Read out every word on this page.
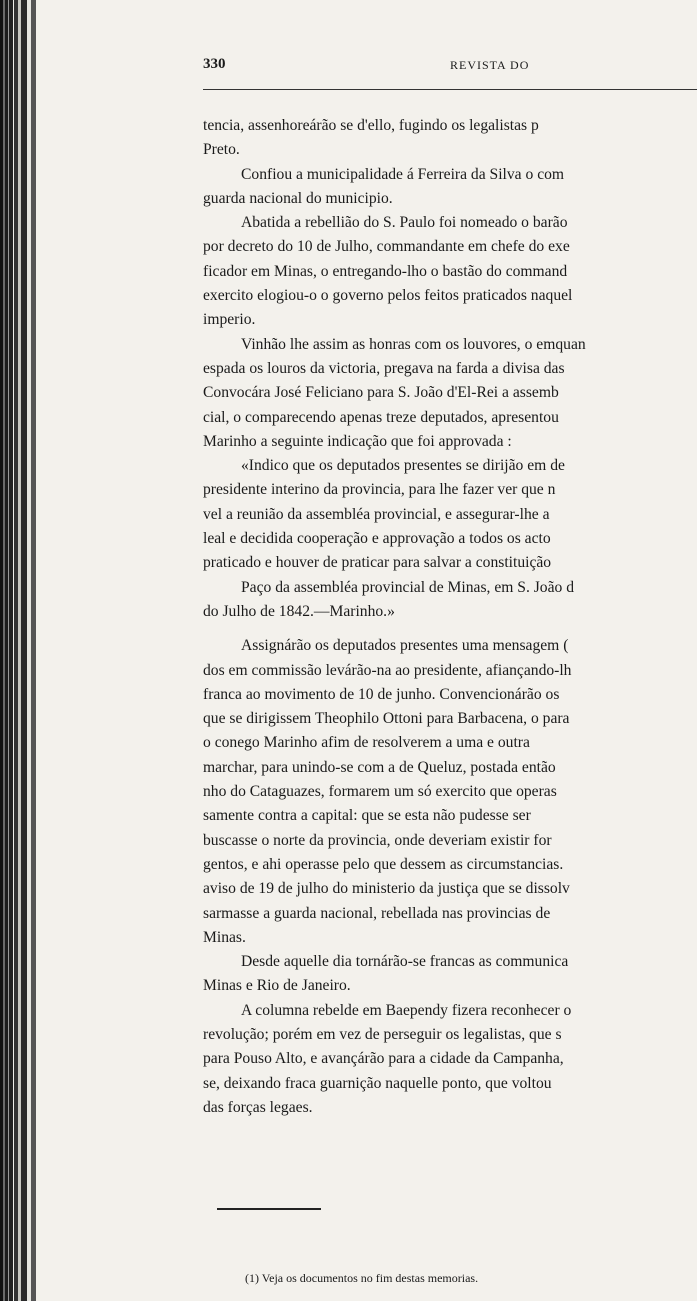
330	REVISTA DO
tencia, assenhoreárão se d'ello, fugindo os legalistas p
Preto.
Confiou a municipalidade á Ferreira da Silva o com
guarda nacional do municipio.
Abatida a rebellião do S. Paulo foi nomeado o barão
por decreto do 10 de Julho, commandante em chefe do exe
ficador em Minas, o entregando-lho o bastão do command
exercito elogiou-o o governo pelos feitos praticados naquel
imperio.
Vinhão lhe assim as honras com os louvores, o emquan
espada os louros da victoria, pregava na farda a divisa das
Convocára José Feliciano para S. João d'El-Rei a assemb
cial, o comparecendo apenas treze deputados, apresentou
Marinho a seguinte indicação que foi approvada :
«Indico que os deputados presentes se dirijão em de
presidente interino da provincia, para lhe fazer ver que n
vel a reunião da assembléa provincial, e assegurar-lhe a
leal e decidida cooperação e approvação a todos os acto
praticado e houver de praticar para salvar a constituição
Paço da assembléa provincial de Minas, em S. João d
do Julho de 1842.—Marinho.»
Assignárão os deputados presentes uma mensagem (
dos em commissão levárão-na ao presidente, afiançando-lh
franca ao movimento de 10 de junho. Convencionárão os
que se dirigissem Theophilo Ottoni para Barbacena, o para
o conego Marinho afim de resolverem a uma e outra
marchar, para unindo-se com a de Queluz, postada então
nho do Cataguazes, formarem um só exercito que operas
samente contra a capital: que se esta não pudesse ser
buscasse o norte da provincia, onde deveriam existir for
gentos, e ahi operasse pelo que dessem as circumstancias.
aviso de 19 de julho do ministerio da justiça que se dissolv
sarmasse a guarda nacional, rebellada nas provincias de
Minas.
Desde aquelle dia tornárão-se francas as communica
Minas e Rio de Janeiro.
A columna rebelde em Baependy fizera reconhecer o
revolução; porém em vez de perseguir os legalistas, que s
para Pouso Alto, e avançárão para a cidade da Campanha,
se, deixando fraca guarnição naquelle ponto, que voltou
das forças legaes.
(1) Veja os documentos no fim destas memorias.
